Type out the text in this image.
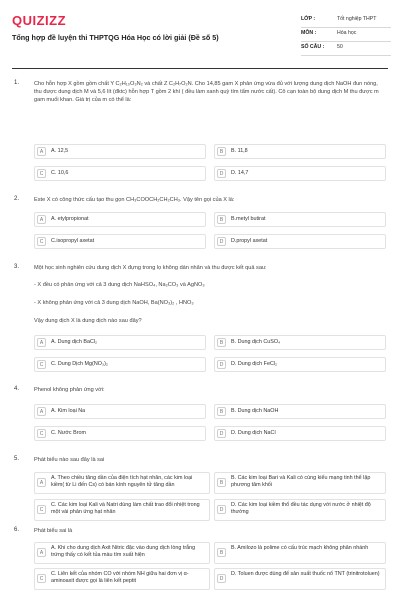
QUIZIZZ
Tổng hợp đề luyện thi THPTQG Hóa Học có lời giải (Đề số 5)
LỚP :	Tốt nghiệp THPT
MÔN :	Hóa học
SỐ CÂU :	50
1.	Cho hỗn hợp X gồm gồm chất Y C₂H₁₀O₃N₂ và chất Z C₂H₇O₂N. Cho 14,85 gam X phản ứng vừa đủ với lượng dung dịch NaOH đun nóng, thu được dung dịch M và 5,6 lít (đktc) hỗn hợp T gồm 2 khí ( đều làm xanh quỳ tím tẩm nước cất). Cô cạn toàn bộ dung dịch M thu được m gam muối khan. Giá trị của m có thể là:
A	A. 12,5	B	B. 11,8
C	C. 10,6	D	D. 14,7
2.	Este X có công thức cấu tạo thu gọn CH₃COOCH₂CH₂CH₃. Vậy tên gọi của X là:
A	A. etylpropionat	B	B.metyl butirat
C	C.isopropyl axetat	D	D.propyl axetat
3.	Một học sinh nghiên cứu dung dịch X đựng trong lọ không dán nhãn và thu được kết quả sau:
- X đều có phản ứng với cả 3 dung dịch NaHSO₄, Na₂CO₃ và AgNO₃
- X không phản ứng với cả 3 dung dịch NaOH, Ba(NO₃)₂ , HNO₃
Vậy dung dịch X là dung dịch nào sau đây?
A	A. Dung dịch BaCl₂	B	B. Dung dịch CuSO₄
C	C. Dung Dịch Mg(NO₃)₂	D	D. Dung dịch FeCl₂
4.	Phenol không phản ứng với:
A	A. Kim loại Na	B	B. Dung dịch NaOH
C	C. Nước Brom	D	D. Dung dịch NaCl
5.	Phát biểu nào sau đây là sai
A
A. Theo chiều tăng dần của điện tích hạt nhân, các kim loại kiềm( từ Li đến Cs) có bán kính nguyên tử tăng dần	B
B. Các kim loại Bari và Kali có cùng kiểu mạng tinh thể lập phương tâm khối
C
C. Các kim loại Kali và Natri dùng làm chất trao đổi nhiệt trong một vài phản ứng hạt nhân	D
D. Các kim loại kiềm thổ đều tác dụng với nước ở nhiệt độ thường
6.	Phát biểu sai là
A
A. Khi cho dung dịch Axit Nitric đặc vào dung dịch lòng trắng trứng thấy có kết tủa màu tím xuất hiện	B
B. Amilozo là polime có cấu trúc mạch không phân nhánh
C
C. Liên kết của nhóm CO với nhóm NH giữa hai đơn vị α-aminoaxit được gọi là liên kết peptit	D
D. Toluen được dùng để sản xuất thuốc nổ TNT (trinitrotoluen)
